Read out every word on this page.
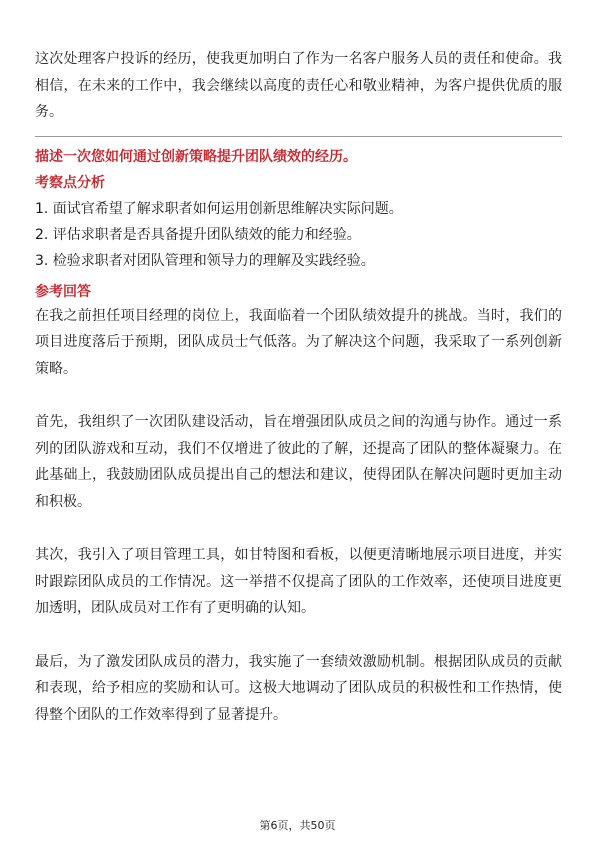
这次处理客户投诉的经历，使我更加明白了作为一名客户服务人员的责任和使命。我相信，在未来的工作中，我会继续以高度的责任心和敬业精神，为客户提供优质的服务。

描述一次您如何通过创新策略提升团队绩效的经历。

考察点分析

1. 面试官希望了解求职者如何运用创新思维解决实际问题。

2. 评估求职者是否具备提升团队绩效的能力和经验。

3. 检验求职者对团队管理和领导力的理解及实践经验。

参考回答

在我之前担任项目经理的岗位上，我面临着一个团队绩效提升的挑战。当时，我们的项目进度落后于预期，团队成员士气低落。为了解决这个问题，我采取了一系列创新策略。

首先，我组织了一次团队建设活动，旨在增强团队成员之间的沟通与协作。通过一系列的团队游戏和互动，我们不仅增进了彼此的了解，还提高了团队的整体凝聚力。在此基础上，我鼓励团队成员提出自己的想法和建议，使得团队在解决问题时更加主动和积极。

其次，我引入了项目管理工具，如甘特图和看板，以便更清晰地展示项目进度，并实时跟踪团队成员的工作情况。这一举措不仅提高了团队的工作效率，还使项目进度更加透明，团队成员对工作有了更明确的认知。

最后，为了激发团队成员的潜力，我实施了一套绩效激励机制。根据团队成员的贡献和表现，给予相应的奖励和认可。这极大地调动了团队成员的积极性和工作热情，使得整个团队的工作效率得到了显著提升。

第6页，共50页
